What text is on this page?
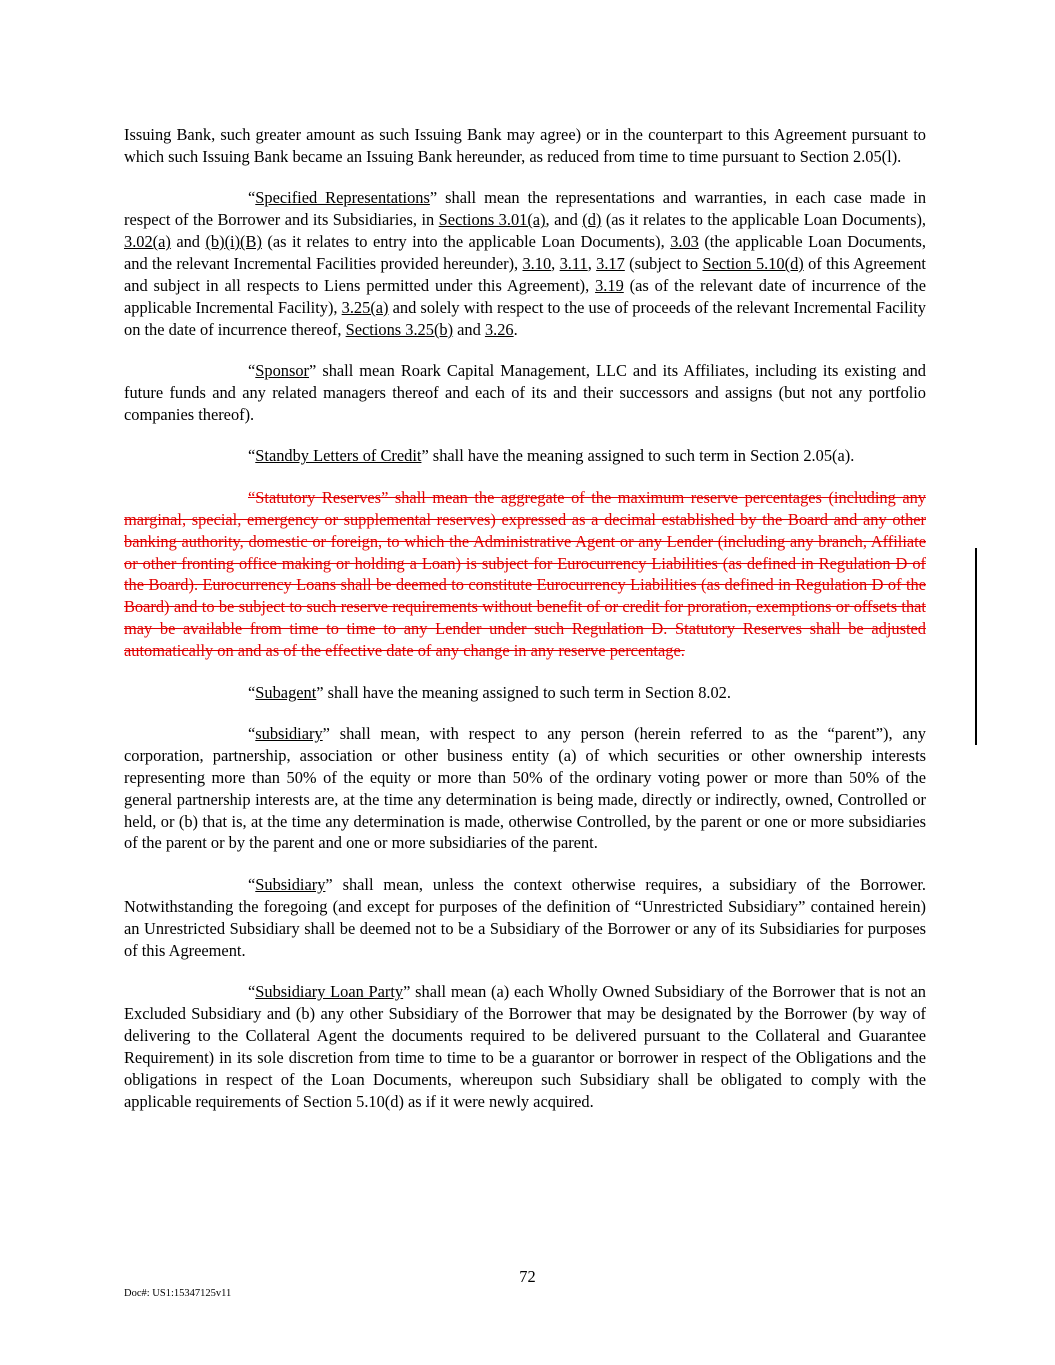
Issuing Bank, such greater amount as such Issuing Bank may agree) or in the counterpart to this Agreement pursuant to which such Issuing Bank became an Issuing Bank hereunder, as reduced from time to time pursuant to Section 2.05(l).

“Specified Representations” shall mean the representations and warranties, in each case made in respect of the Borrower and its Subsidiaries, in Sections 3.01(a), and (d) (as it relates to the applicable Loan Documents), 3.02(a) and (b)(i)(B) (as it relates to entry into the applicable Loan Documents), 3.03 (the applicable Loan Documents, and the relevant Incremental Facilities provided hereunder), 3.10, 3.11, 3.17 (subject to Section 5.10(d) of this Agreement and subject in all respects to Liens permitted under this Agreement), 3.19 (as of the relevant date of incurrence of the applicable Incremental Facility), 3.25(a) and solely with respect to the use of proceeds of the relevant Incremental Facility on the date of incurrence thereof, Sections 3.25(b) and 3.26.

“Sponsor” shall mean Roark Capital Management, LLC and its Affiliates, including its existing and future funds and any related managers thereof and each of its and their successors and assigns (but not any portfolio companies thereof).

“Standby Letters of Credit” shall have the meaning assigned to such term in Section 2.05(a).

“Statutory Reserves” shall mean the aggregate of the maximum reserve percentages (including any marginal, special, emergency or supplemental reserves) expressed as a decimal established by the Board and any other banking authority, domestic or foreign, to which the Administrative Agent or any Lender (including any branch, Affiliate or other fronting office making or holding a Loan) is subject for Eurocurrency Liabilities (as defined in Regulation D of the Board). Eurocurrency Loans shall be deemed to constitute Eurocurrency Liabilities (as defined in Regulation D of the Board) and to be subject to such reserve requirements without benefit of or credit for proration, exemptions or offsets that may be available from time to time to any Lender under such Regulation D. Statutory Reserves shall be adjusted automatically on and as of the effective date of any change in any reserve percentage.

“Subagent” shall have the meaning assigned to such term in Section 8.02.

“subsidiary” shall mean, with respect to any person (herein referred to as the “parent”), any corporation, partnership, association or other business entity (a) of which securities or other ownership interests representing more than 50% of the equity or more than 50% of the ordinary voting power or more than 50% of the general partnership interests are, at the time any determination is being made, directly or indirectly, owned, Controlled or held, or (b) that is, at the time any determination is made, otherwise Controlled, by the parent or one or more subsidiaries of the parent or by the parent and one or more subsidiaries of the parent.

“Subsidiary” shall mean, unless the context otherwise requires, a subsidiary of the Borrower. Notwithstanding the foregoing (and except for purposes of the definition of “Unrestricted Subsidiary” contained herein) an Unrestricted Subsidiary shall be deemed not to be a Subsidiary of the Borrower or any of its Subsidiaries for purposes of this Agreement.

“Subsidiary Loan Party” shall mean (a) each Wholly Owned Subsidiary of the Borrower that is not an Excluded Subsidiary and (b) any other Subsidiary of the Borrower that may be designated by the Borrower (by way of delivering to the Collateral Agent the documents required to be delivered pursuant to the Collateral and Guarantee Requirement) in its sole discretion from time to time to be a guarantor or borrower in respect of the Obligations and the obligations in respect of the Loan Documents, whereupon such Subsidiary shall be obligated to comply with the applicable requirements of Section 5.10(d) as if it were newly acquired.

72
Doc#: US1:15347125v11
